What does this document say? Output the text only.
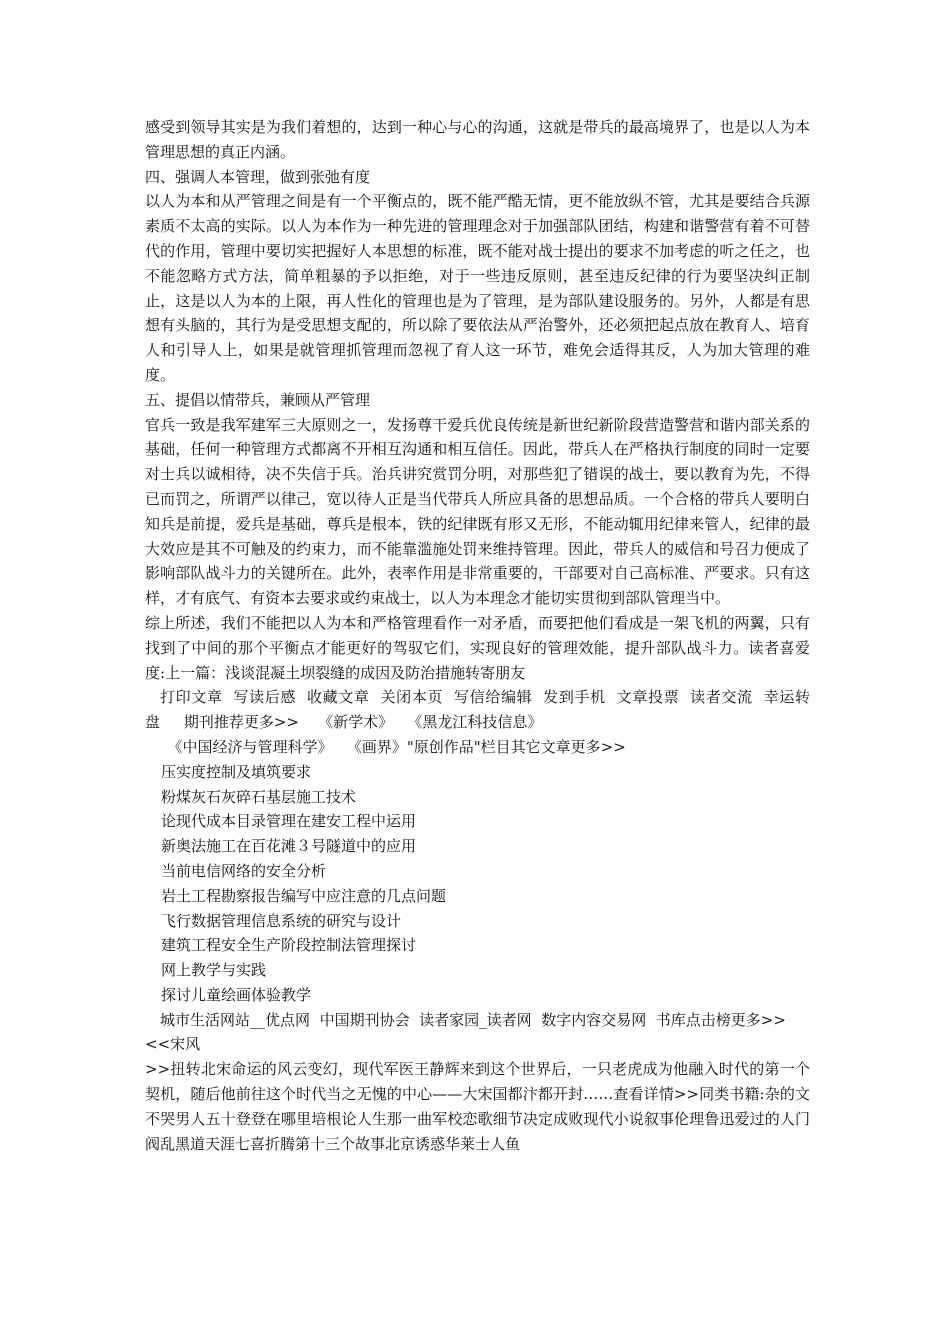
感受到领导其实是为我们着想的，达到一种心与心的沟通，这就是带兵的最高境界了，也是以人为本管理思想的真正内涵。

四、强调人本管理，做到张弛有度

以人为本和从严管理之间是有一个平衡点的，既不能严酷无情，更不能放纵不管，尤其是要结合兵源素质不太高的实际。以人为本作为一种先进的管理理念对于加强部队团结，构建和谐警营有着不可替代的作用，管理中要切实把握好人本思想的标准，既不能对战士提出的要求不加考虑的听之任之，也不能忽略方式方法，简单粗暴的予以拒绝，对于一些违反原则，甚至违反纪律的行为要坚决纠正制止，这是以人为本的上限，再人性化的管理也是为了管理，是为部队建设服务的。另外，人都是有思想有头脑的，其行为是受思想支配的，所以除了要依法从严治警外，还必须把起点放在教育人、培育人和引导人上，如果是就管理抓管理而忽视了育人这一环节，难免会适得其反，人为加大管理的难度。

五、提倡以情带兵，兼顾从严管理

官兵一致是我军建军三大原则之一，发扬尊干爱兵优良传统是新世纪新阶段营造警营和谐内部关系的基础，任何一种管理方式都离不开相互沟通和相互信任。因此，带兵人在严格执行制度的同时一定要对士兵以诚相待，决不失信于兵。治兵讲究赏罚分明，对那些犯了错误的战士，要以教育为先，不得已而罚之，所谓严以律己，宽以待人正是当代带兵人所应具备的思想品质。一个合格的带兵人要明白知兵是前提，爱兵是基础，尊兵是根本，铁的纪律既有形又无形，不能动辄用纪律来管人，纪律的最大效应是其不可触及的约束力，而不能靠滥施处罚来维持管理。因此，带兵人的威信和号召力便成了影响部队战斗力的关键所在。此外，表率作用是非常重要的，干部要对自己高标准、严要求。只有这样，才有底气、有资本去要求或约束战士，以人为本理念才能切实贯彻到部队管理当中。

综上所述，我们不能把以人为本和严格管理看作一对矛盾，而要把他们看成是一架飞机的两翼，只有找到了中间的那个平衡点才能更好的驾驭它们，实现良好的管理效能，提升部队战斗力。读者喜爱度:上一篇：浅谈混凝土坝裂缝的成因及防治措施转寄朋友

打印文章 写读后感 收藏文章 关闭本页 写信给编辑 发到手机 文章投票 读者交流 幸运转盘 期刊推荐更多>> 《新学术》 《黑龙江科技信息》

《中国经济与管理科学》 《画界》"原创作品"栏目其它文章更多>>

压实度控制及填筑要求
粉煤灰石灰碎石基层施工技术
论现代成本目录管理在建安工程中运用
新奥法施工在百花滩３号隧道中的应用
当前电信网络的安全分析
岩土工程勘察报告编写中应注意的几点问题
飞行数据管理信息系统的研究与设计
建筑工程安全生产阶段控制法管理探讨
网上教学与实践
探讨儿童绘画体验教学

城市生活网站__优点网 中国期刊协会 读者家园_读者网 数字内容交易网 书库点击榜更多>>

<<宋风

>>扭转北宋命运的风云变幻，现代军医王静辉来到这个世界后，一只老虎成为他融入时代的第一个契机，随后他前往这个时代当之无愧的中心——大宋国都汴都开封……查看详情>>同类书籍:杂的文不哭男人五十登登在哪里培根论人生那一曲军校恋歌细节决定成败现代小说叙事伦理鲁迅爱过的人门阀乱黑道天涯七喜折腾第十三个故事北京诱惑华莱士人鱼
